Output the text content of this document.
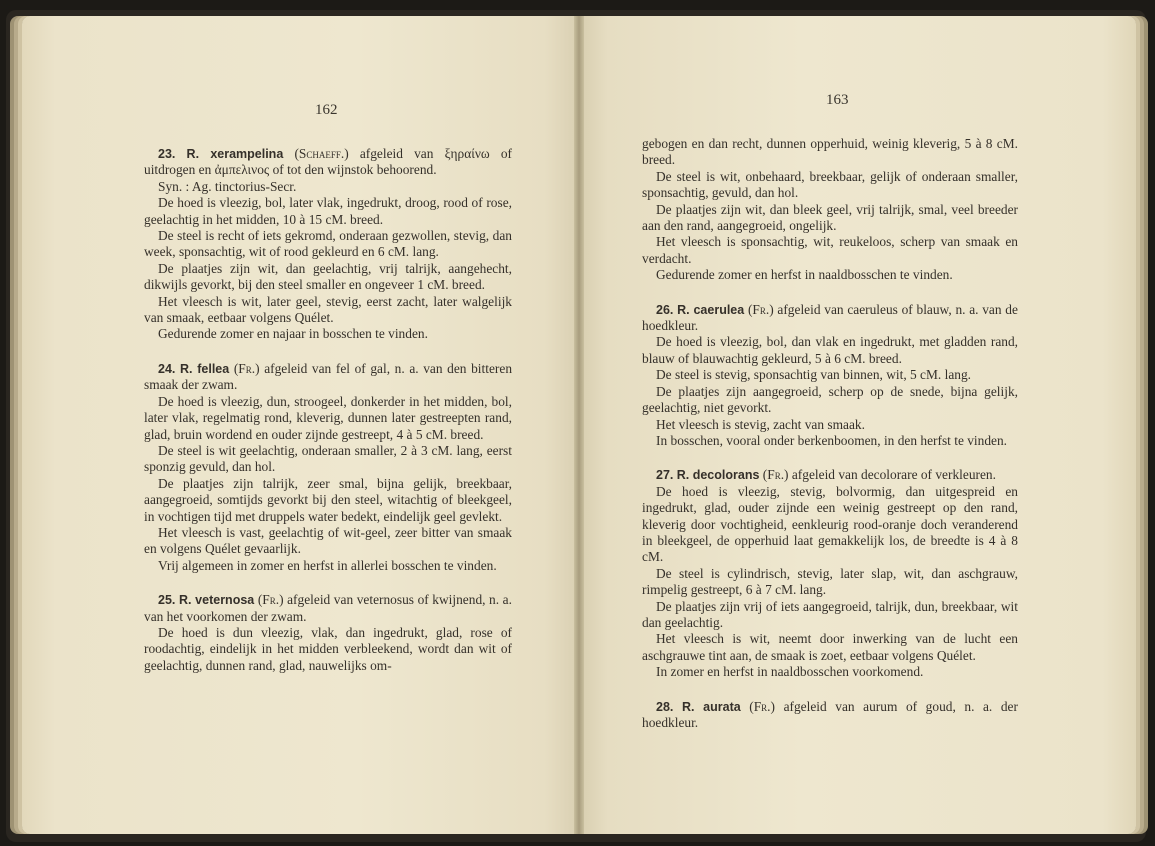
162

23. R. xerampelina (Schaeff.) afgeleid van ξηραίνω of uitdrogen en ἀμπελινος of tot den wijnstok behoorend.

Syn. : Ag. tinctorius-Secr.

De hoed is vleezig, bol, later vlak, ingedrukt, droog, rood of rose, geelachtig in het midden, 10 à 15 cM. breed.

De steel is recht of iets gekromd, onderaan gezwollen, stevig, dan week, sponsachtig, wit of rood gekleurd en 6 cM. lang.

De plaatjes zijn wit, dan geelachtig, vrij talrijk, aangehecht, dikwijls gevorkt, bij den steel smaller en ongeveer 1 cM. breed.

Het vleesch is wit, later geel, stevig, eerst zacht, later walgelijk van smaak, eetbaar volgens Quélet.

Gedurende zomer en najaar in bosschen te vinden.

24. R. fellea (Fr.) afgeleid van fel of gal, n. a. van den bitteren smaak der zwam.

De hoed is vleezig, dun, stroogeel, donkerder in het midden, bol, later vlak, regelmatig rond, kleverig, dunnen later gestreepten rand, glad, bruin wordend en ouder zijnde gestreept, 4 à 5 cM. breed.

De steel is wit geelachtig, onderaan smaller, 2 à 3 cM. lang, eerst sponzig gevuld, dan hol.

De plaatjes zijn talrijk, zeer smal, bijna gelijk, breekbaar, aangegroeid, somtijds gevorkt bij den steel, witachtig of bleekgeel, in vochtigen tijd met druppels water bedekt, eindelijk geel gevlekt.

Het vleesch is vast, geelachtig of wit-geel, zeer bitter van smaak en volgens Quélet gevaarlijk.

Vrij algemeen in zomer en herfst in allerlei bosschen te vinden.

25. R. veternosa (Fr.) afgeleid van veternosus of kwijnend, n. a. van het voorkomen der zwam.

De hoed is dun vleezig, vlak, dan ingedrukt, glad, rose of roodachtig, eindelijk in het midden verbleekend, wordt dan wit of geelachtig, dunnen rand, glad, nauwelijks om-

163

gebogen en dan recht, dunnen opperhuid, weinig kleverig, 5 à 8 cM. breed.

De steel is wit, onbehaard, breekbaar, gelijk of onderaan smaller, sponsachtig, gevuld, dan hol.

De plaatjes zijn wit, dan bleek geel, vrij talrijk, smal, veel breeder aan den rand, aangegroeid, ongelijk.

Het vleesch is sponsachtig, wit, reukeloos, scherp van smaak en verdacht.

Gedurende zomer en herfst in naaldbosschen te vinden.

26. R. caerulea (Fr.) afgeleid van caeruleus of blauw, n. a. van de hoedkleur.

De hoed is vleezig, bol, dan vlak en ingedrukt, met gladden rand, blauw of blauwachtig gekleurd, 5 à 6 cM. breed.

De steel is stevig, sponsachtig van binnen, wit, 5 cM. lang.

De plaatjes zijn aangegroeid, scherp op de snede, bijna gelijk, geelachtig, niet gevorkt.

Het vleesch is stevig, zacht van smaak.

In bosschen, vooral onder berkenboomen, in den herfst te vinden.

27. R. decolorans (Fr.) afgeleid van decolorare of verkleuren.

De hoed is vleezig, stevig, bolvormig, dan uitgespreid en ingedrukt, glad, ouder zijnde een weinig gestreept op den rand, kleverig door vochtigheid, eenkleurig rood-oranje doch veranderend in bleekgeel, de opperhuid laat gemakkelijk los, de breedte is 4 à 8 cM.

De steel is cylindrisch, stevig, later slap, wit, dan aschgrauw, rimpelig gestreept, 6 à 7 cM. lang.

De plaatjes zijn vrij of iets aangegroeid, talrijk, dun, breekbaar, wit dan geelachtig.

Het vleesch is wit, neemt door inwerking van de lucht een aschgrauwe tint aan, de smaak is zoet, eetbaar volgens Quélet.

In zomer en herfst in naaldbosschen voorkomend.

28. R. aurata (Fr.) afgeleid van aurum of goud, n. a. der hoedkleur.
